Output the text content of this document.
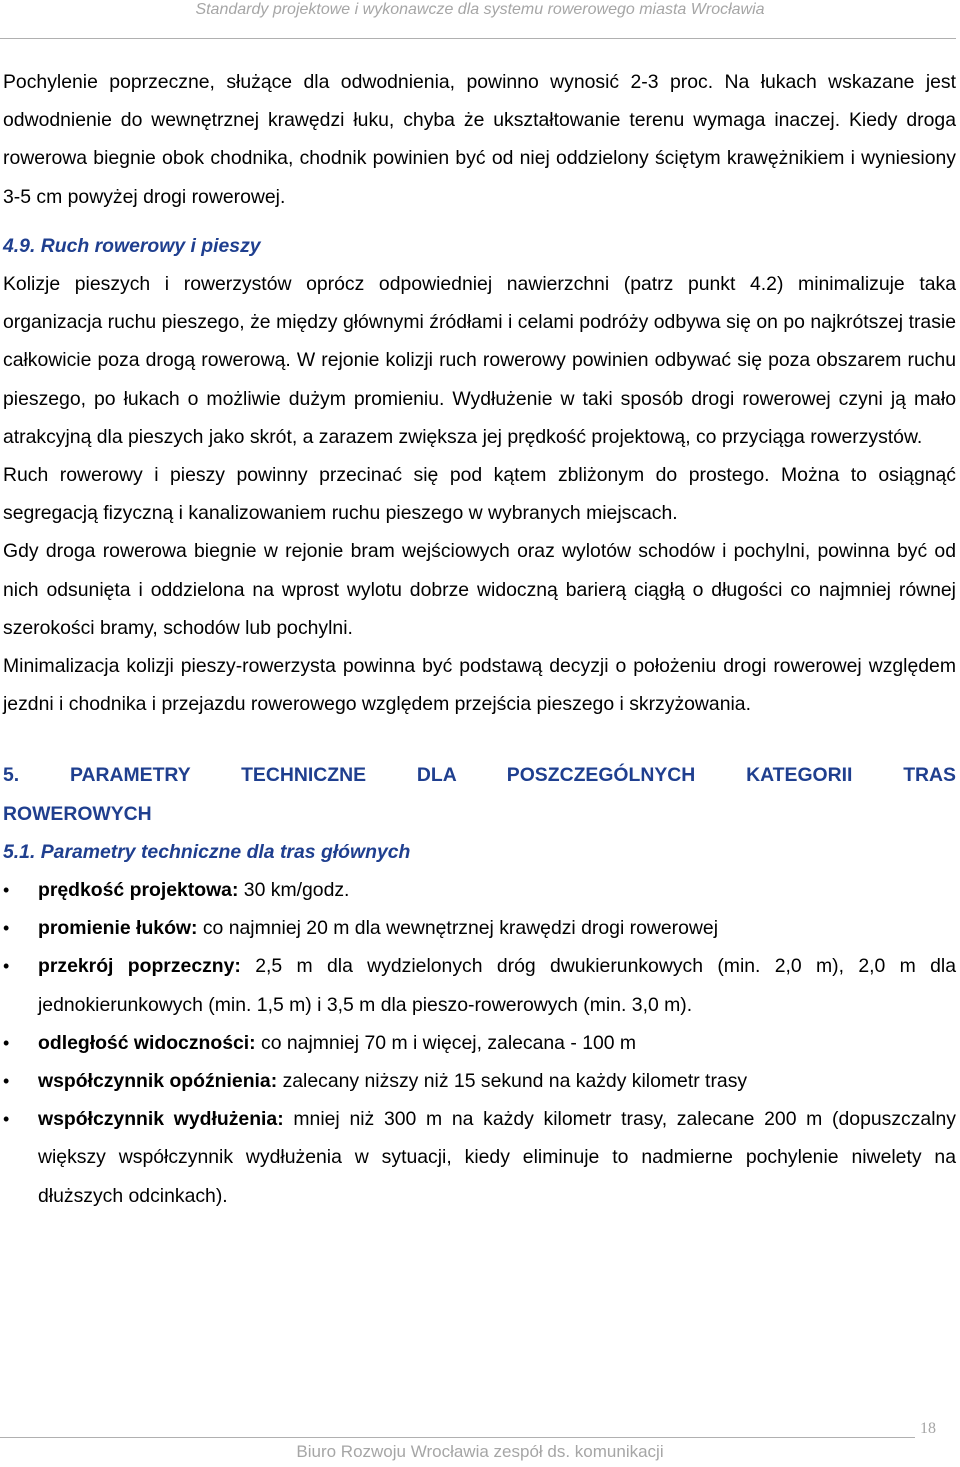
Standardy projektowe i wykonawcze dla systemu rowerowego miasta Wrocławia

Pochylenie poprzeczne, służące dla odwodnienia, powinno wynosić 2-3 proc. Na łukach wskazane jest odwodnienie do wewnętrznej krawędzi łuku, chyba że ukształtowanie terenu wymaga inaczej. Kiedy droga rowerowa biegnie obok chodnika, chodnik powinien być od niej oddzielony ściętym krawężnikiem i wyniesiony 3-5 cm powyżej drogi rowerowej.

4.9. Ruch rowerowy i pieszy

Kolizje pieszych i rowerzystów oprócz odpowiedniej nawierzchni (patrz punkt 4.2) minimalizuje taka organizacja ruchu pieszego, że między głównymi źródłami i celami podróży odbywa się on po najkrótszej trasie całkowicie poza drogą rowerową. W rejonie kolizji ruch rowerowy powinien odbywać się poza obszarem ruchu pieszego, po łukach o możliwie dużym promieniu. Wydłużenie w taki sposób drogi rowerowej czyni ją mało atrakcyjną dla pieszych jako skrót, a zarazem zwiększa jej prędkość projektową, co przyciąga rowerzystów.

Ruch rowerowy i pieszy powinny przecinać się pod kątem zbliżonym do prostego. Można to osiągnąć segregacją fizyczną i kanalizowaniem ruchu pieszego w wybranych miejscach.

Gdy droga rowerowa biegnie w rejonie bram wejściowych oraz wylotów schodów i pochylni, powinna być od nich odsunięta i oddzielona na wprost wylotu dobrze widoczną barierą ciągłą o długości co najmniej równej szerokości bramy, schodów lub pochylni.

Minimalizacja kolizji pieszy-rowerzysta powinna być podstawą decyzji o położeniu drogi rowerowej względem jezdni i chodnika i przejazdu rowerowego względem przejścia pieszego i skrzyżowania.

5. PARAMETRY TECHNICZNE DLA POSZCZEGÓLNYCH KATEGORII TRAS

ROWEROWYCH

5.1. Parametry techniczne dla tras głównych

•	prędkość projektowa: 30 km/godz.
•	promienie łuków: co najmniej 20 m dla wewnętrznej krawędzi drogi rowerowej
•	przekrój poprzeczny: 2,5 m dla wydzielonych dróg dwukierunkowych (min. 2,0 m), 2,0 m dla jednokierunkowych (min. 1,5 m) i 3,5 m dla pieszo-rowerowych (min. 3,0 m).
•	odległość widoczności: co najmniej 70 m i więcej, zalecana - 100 m
•	współczynnik opóźnienia: zalecany niższy niż 15 sekund na każdy kilometr trasy
•	współczynnik wydłużenia: mniej niż 300 m na każdy kilometr trasy, zalecane 200 m (dopuszczalny większy współczynnik wydłużenia w sytuacji, kiedy eliminuje to nadmierne pochylenie niwelety na dłuższych odcinkach).
18
Biuro Rozwoju Wrocławia zespół ds. komunikacji
